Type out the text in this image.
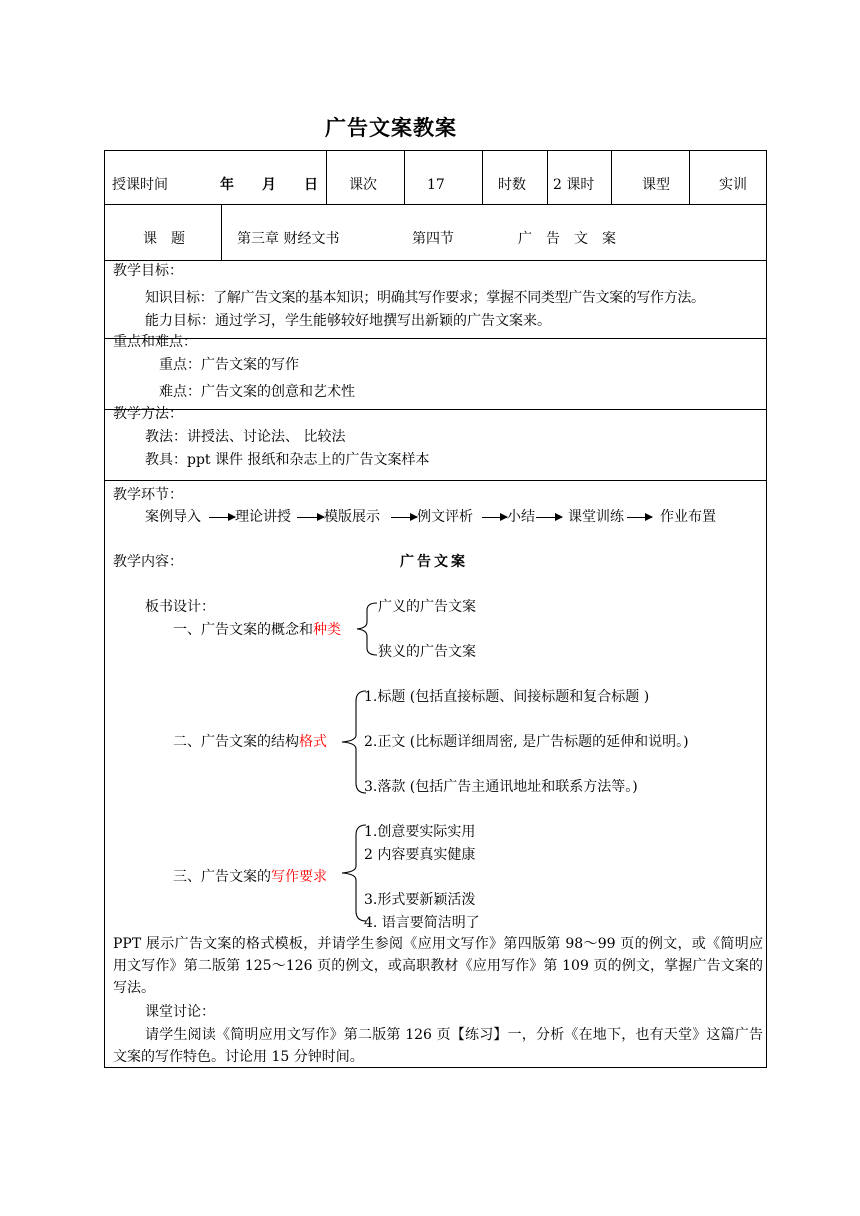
广告文案教案
授课时间	年　　月　　日 课次	17	时数 2 课时	课型	实训
课　题	第三章 财经文书	第四节	广　告　文　案
教学目标：
知识目标：了解广告文案的基本知识；明确其写作要求；掌握不同类型广告文案的写作方法。
能力目标：通过学习，学生能够较好地撰写出新颖的广告文案来。
重点和难点：
重点：广告文案的写作
难点：广告文案的创意和艺术性
教学方法：
教法：讲授法、讨论法、 比较法
教具：ppt 课件 报纸和杂志上的广告文案样本
教学环节：
案例导入 理论讲授 模版展示	例文评析 小结 课堂训练	作业布置
教学内容：	广告文案
板书设计：
一、广告文案的概念和种类
广义的广告文案
狭义的广告文案
二、广告文案的结构格式
1.标题 (包括直接标题、间接标题和复合标题 )
2.正文 (比标题详细周密, 是广告标题的延伸和说明。)
3.落款 (包括广告主通讯地址和联系方法等。)
三、广告文案的写作要求
1.创意要实际实用
2 内容要真实健康
3.形式要新颖活泼
4. 语言要简洁明了
PPT 展示广告文案的格式模板，并请学生参阅《应用文写作》第四版第 98～99 页的例文，或《简明应用文写作》第二版第 125～126 页的例文，或高职教材《应用写作》第 109 页的例文，掌握广告文案的写法。
课堂讨论：
请学生阅读《简明应用文写作》第二版第 126 页【练习】一，分析《在地下，也有天堂》这篇广告文案的写作特色。讨论用 15 分钟时间。
